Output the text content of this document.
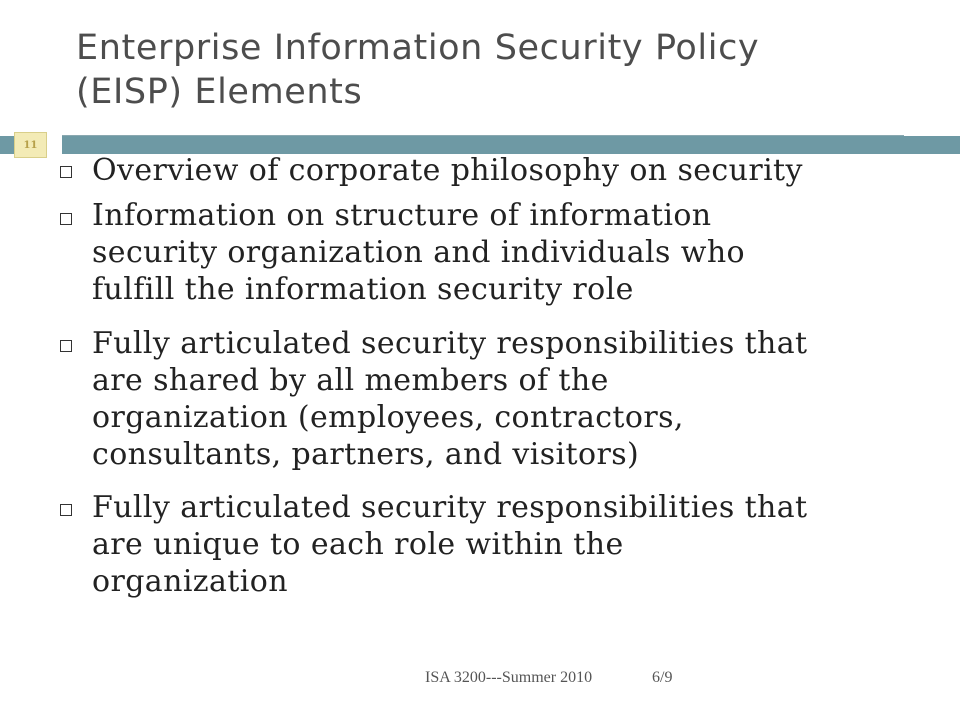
Enterprise Information Security Policy
(EISP) Elements
11
Overview of corporate philosophy on security
Information on structure of information
security organization and individuals who
fulfill the information security role
Fully articulated security responsibilities that
are shared by all members of the
organization (employees, contractors,
consultants, partners, and visitors)
Fully articulated security responsibilities that
are unique to each role within the
organization
ISA 3200---Summer 2010	6/9
